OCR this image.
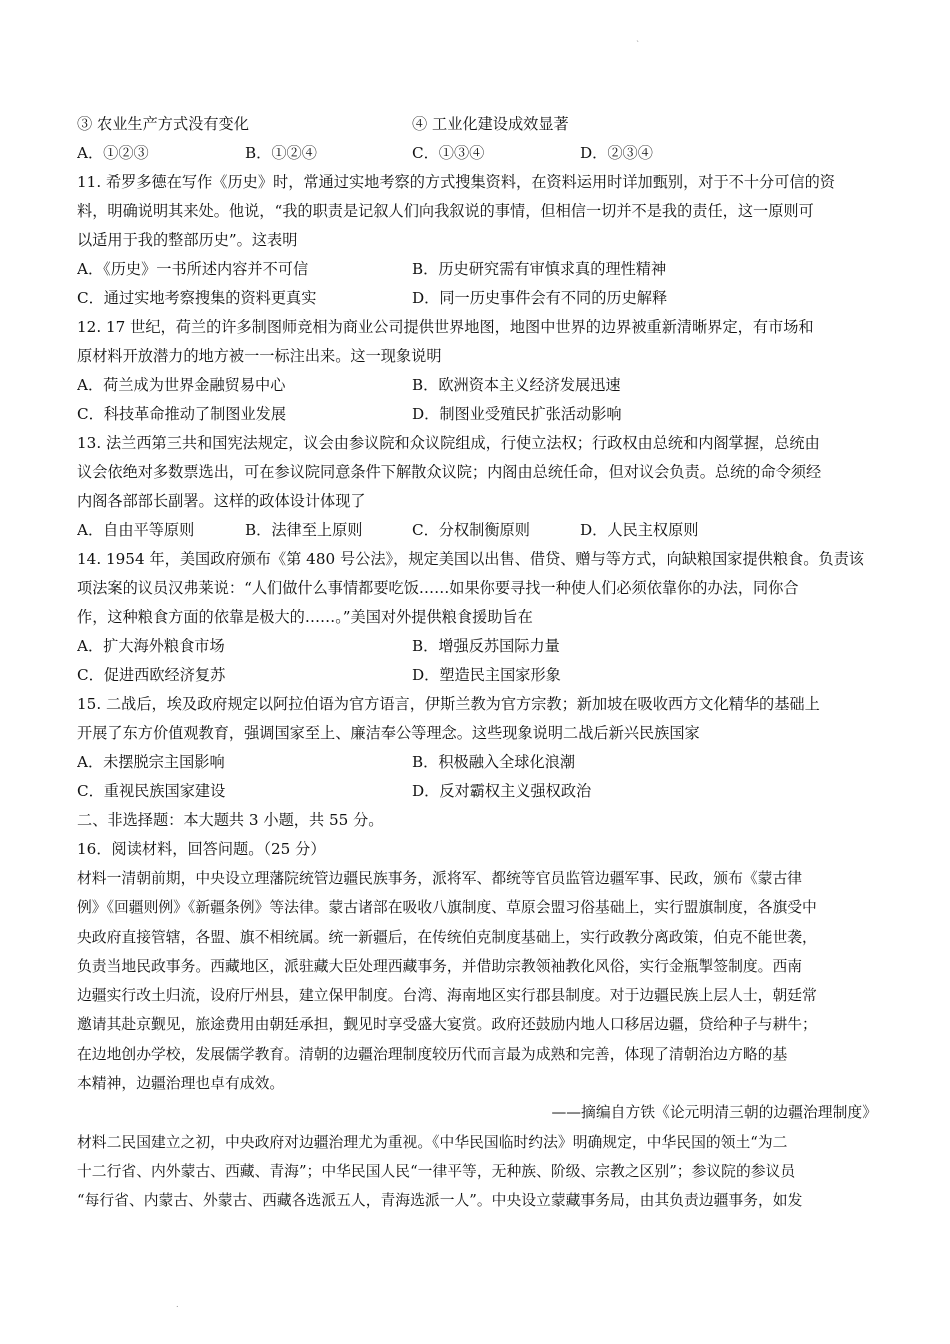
ˋ
③ 农业生产方式没有变化	④ 工业化建设成效显著
A．①②③	B．①②④	C．①③④	D．②③④
11. 希罗多德在写作《历史》时，常通过实地考察的方式搜集资料，在资料运用时详加甄别，对于不十分可信的资
料，明确说明其来处。他说，“我的职责是记叙人们向我叙说的事情，但相信一切并不是我的责任，这一原则可
以适用于我的整部历史”。这表明
A．《历史》一书所述内容并不可信	B．历史研究需有审慎求真的理性精神
C．通过实地考察搜集的资料更真实	D．同一历史事件会有不同的历史解释
12. 17 世纪，荷兰的许多制图师竞相为商业公司提供世界地图，地图中世界的边界被重新清晰界定，有市场和
原材料开放潜力的地方被一一标注出来。这一现象说明
A．荷兰成为世界金融贸易中心	B．欧洲资本主义经济发展迅速
C．科技革命推动了制图业发展	D．制图业受殖民扩张活动影响
13. 法兰西第三共和国宪法规定，议会由参议院和众议院组成，行使立法权；行政权由总统和内阁掌握，总统由
议会依绝对多数票选出，可在参议院同意条件下解散众议院；内阁由总统任命，但对议会负责。总统的命令须经
内阁各部部长副署。这样的政体设计体现了
A．自由平等原则	B．法律至上原则	C．分权制衡原则	D．人民主权原则
14. 1954 年，美国政府颁布《第 480 号公法》，规定美国以出售、借贷、赠与等方式，向缺粮国家提供粮食。负责该
项法案的议员汉弗莱说：“人们做什么事情都要吃饭……如果你要寻找一种使人们必须依靠你的办法，同你合
作，这种粮食方面的依靠是极大的……。”美国对外提供粮食援助旨在
A．扩大海外粮食市场	B．增强反苏国际力量
C．促进西欧经济复苏	D．塑造民主国家形象
15. 二战后，埃及政府规定以阿拉伯语为官方语言，伊斯兰教为官方宗教；新加坡在吸收西方文化精华的基础上
开展了东方价值观教育，强调国家至上、廉洁奉公等理念。这些现象说明二战后新兴民族国家
A．未摆脱宗主国影响	B．积极融入全球化浪潮
C．重视民族国家建设	D．反对霸权主义强权政治
二、非选择题：本大题共 3 小题，共 55 分。
16．阅读材料，回答问题。（25 分）
材料一清朝前期，中央设立理藩院统管边疆民族事务，派将军、都统等官员监管边疆军事、民政，颁布《蒙古律
例》《回疆则例》《新疆条例》等法律。蒙古诸部在吸收八旗制度、草原会盟习俗基础上，实行盟旗制度，各旗受中
央政府直接管辖，各盟、旗不相统属。统一新疆后，在传统伯克制度基础上，实行政教分离政策，伯克不能世袭，
负责当地民政事务。西藏地区，派驻藏大臣处理西藏事务，并借助宗教领袖教化风俗，实行金瓶掣签制度。西南
边疆实行改土归流，设府厅州县，建立保甲制度。台湾、海南地区实行郡县制度。对于边疆民族上层人士，朝廷常
邀请其赴京觐见，旅途费用由朝廷承担，觐见时享受盛大宴赏。政府还鼓励内地人口移居边疆，贷给种子与耕牛；
在边地创办学校，发展儒学教育。清朝的边疆治理制度较历代而言最为成熟和完善，体现了清朝治边方略的基
本精神，边疆治理也卓有成效。
——摘编自方铁《论元明清三朝的边疆治理制度》
材料二民国建立之初，中央政府对边疆治理尤为重视。《中华民国临时约法》明确规定，中华民国的领土“为二
十二行省、内外蒙古、西藏、青海”；中华民国人民“一律平等，无种族、阶级、宗教之区别”；参议院的参议员
“每行省、内蒙古、外蒙古、西藏各选派五人，青海选派一人”。中央设立蒙藏事务局，由其负责边疆事务，如发
.
